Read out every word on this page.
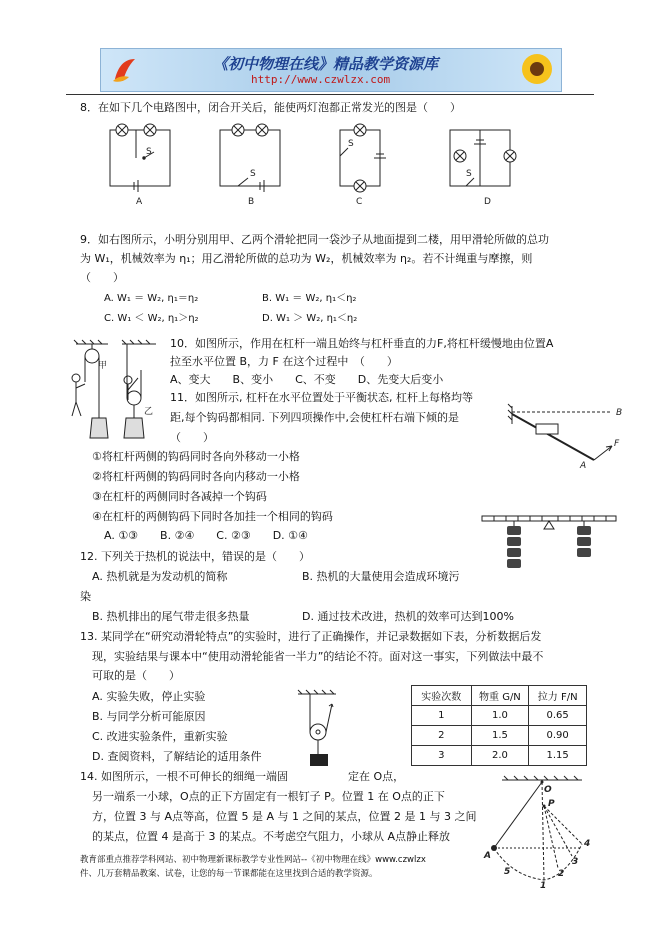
《初中物理在线》精品教学资源库
http://www.czwlzx.com
8．在如下几个电路图中，闭合开关后，能使两灯泡都正常发光的图是（　　）
S
S
S
S
A	B	C	D
9．如右图所示，小明分别用甲、乙两个滑轮把同一袋沙子从地面提到二楼，用甲滑轮所做的总功
为 W₁，机械效率为 η₁；用乙滑轮所做的总功为 W₂，机械效率为 η₂。若不计绳重与摩擦，则
（　　）
A. W₁ ＝ W₂, η₁＝η₂	B. W₁ ＝ W₂, η₁＜η₂
C. W₁ ＜ W₂, η₁＞η₂	D. W₁ ＞ W₂, η₁＜η₂
甲
乙
10．如图所示，作用在杠杆一端且始终与杠杆垂直的力F,将杠杆缓慢地由位置A
拉至水平位置 B，力 F 在这个过程中　（　　）
A、变大　　B、变小　　C、不变　　D、先变大后变小
11．如图所示, 杠杆在水平位置处于平衡状态, 杠杆上每格均等
距,每个钩码都相同. 下列四项操作中,会使杠杆右端下倾的是
（　　）
B
A
F
①将杠杆两侧的钩码同时各向外移动一小格
②将杠杆两侧的钩码同时各向内移动一小格
③在杠杆的两侧同时各减掉一个钩码
④在杠杆的两侧钩码下同时各加挂一个相同的钩码
A. ①③　　B. ②④　　C. ②③　　D. ①④
12. 下列关于热机的说法中，错误的是（　　）
A. 热机就是为发动机的简称	B. 热机的大量使用会造成环境污
染
B. 热机排出的尾气带走很多热量	D. 通过技术改进，热机的效率可达到100%
13. 某同学在“研究动滑轮特点”的实验时，进行了正确操作，并记录数据如下表，分析数据后发
现，实验结果与课本中“使用动滑轮能省一半力”的结论不符。面对这一事实，下列做法中最不
可取的是（　　）
A. 实验失败，停止实验
B. 与同学分析可能原因
C. 改进实验条件，重新实验
D. 查阅资料，了解结论的适用条件
实验次数	物重 G/N	拉力 F/N
1	1.0	0.65
2	1.5	0.90
3	2.0	1.15
14. 如图所示，一根不可伸长的细绳一端固	定在 O点，
另一端系一小球，O点的正下方固定有一根钉子 P。位置 1 在 O点的正下
方，位置 3 与 A点等高，位置 5 是 A 与 1 之间的某点，位置 2 是 1 与 3 之间
的某点，位置 4 是高于 3 的某点。不考虑空气阻力，小球从 A点静止释放
O
P
A
5
1
2
3
4
教育部重点推荐学科网站、初中物理新课标教学专业性网站--《初中物理在线》www.czwlzx
件、几万套精品教案、试卷，让您的每一节课都能在这里找到合适的教学资源。
